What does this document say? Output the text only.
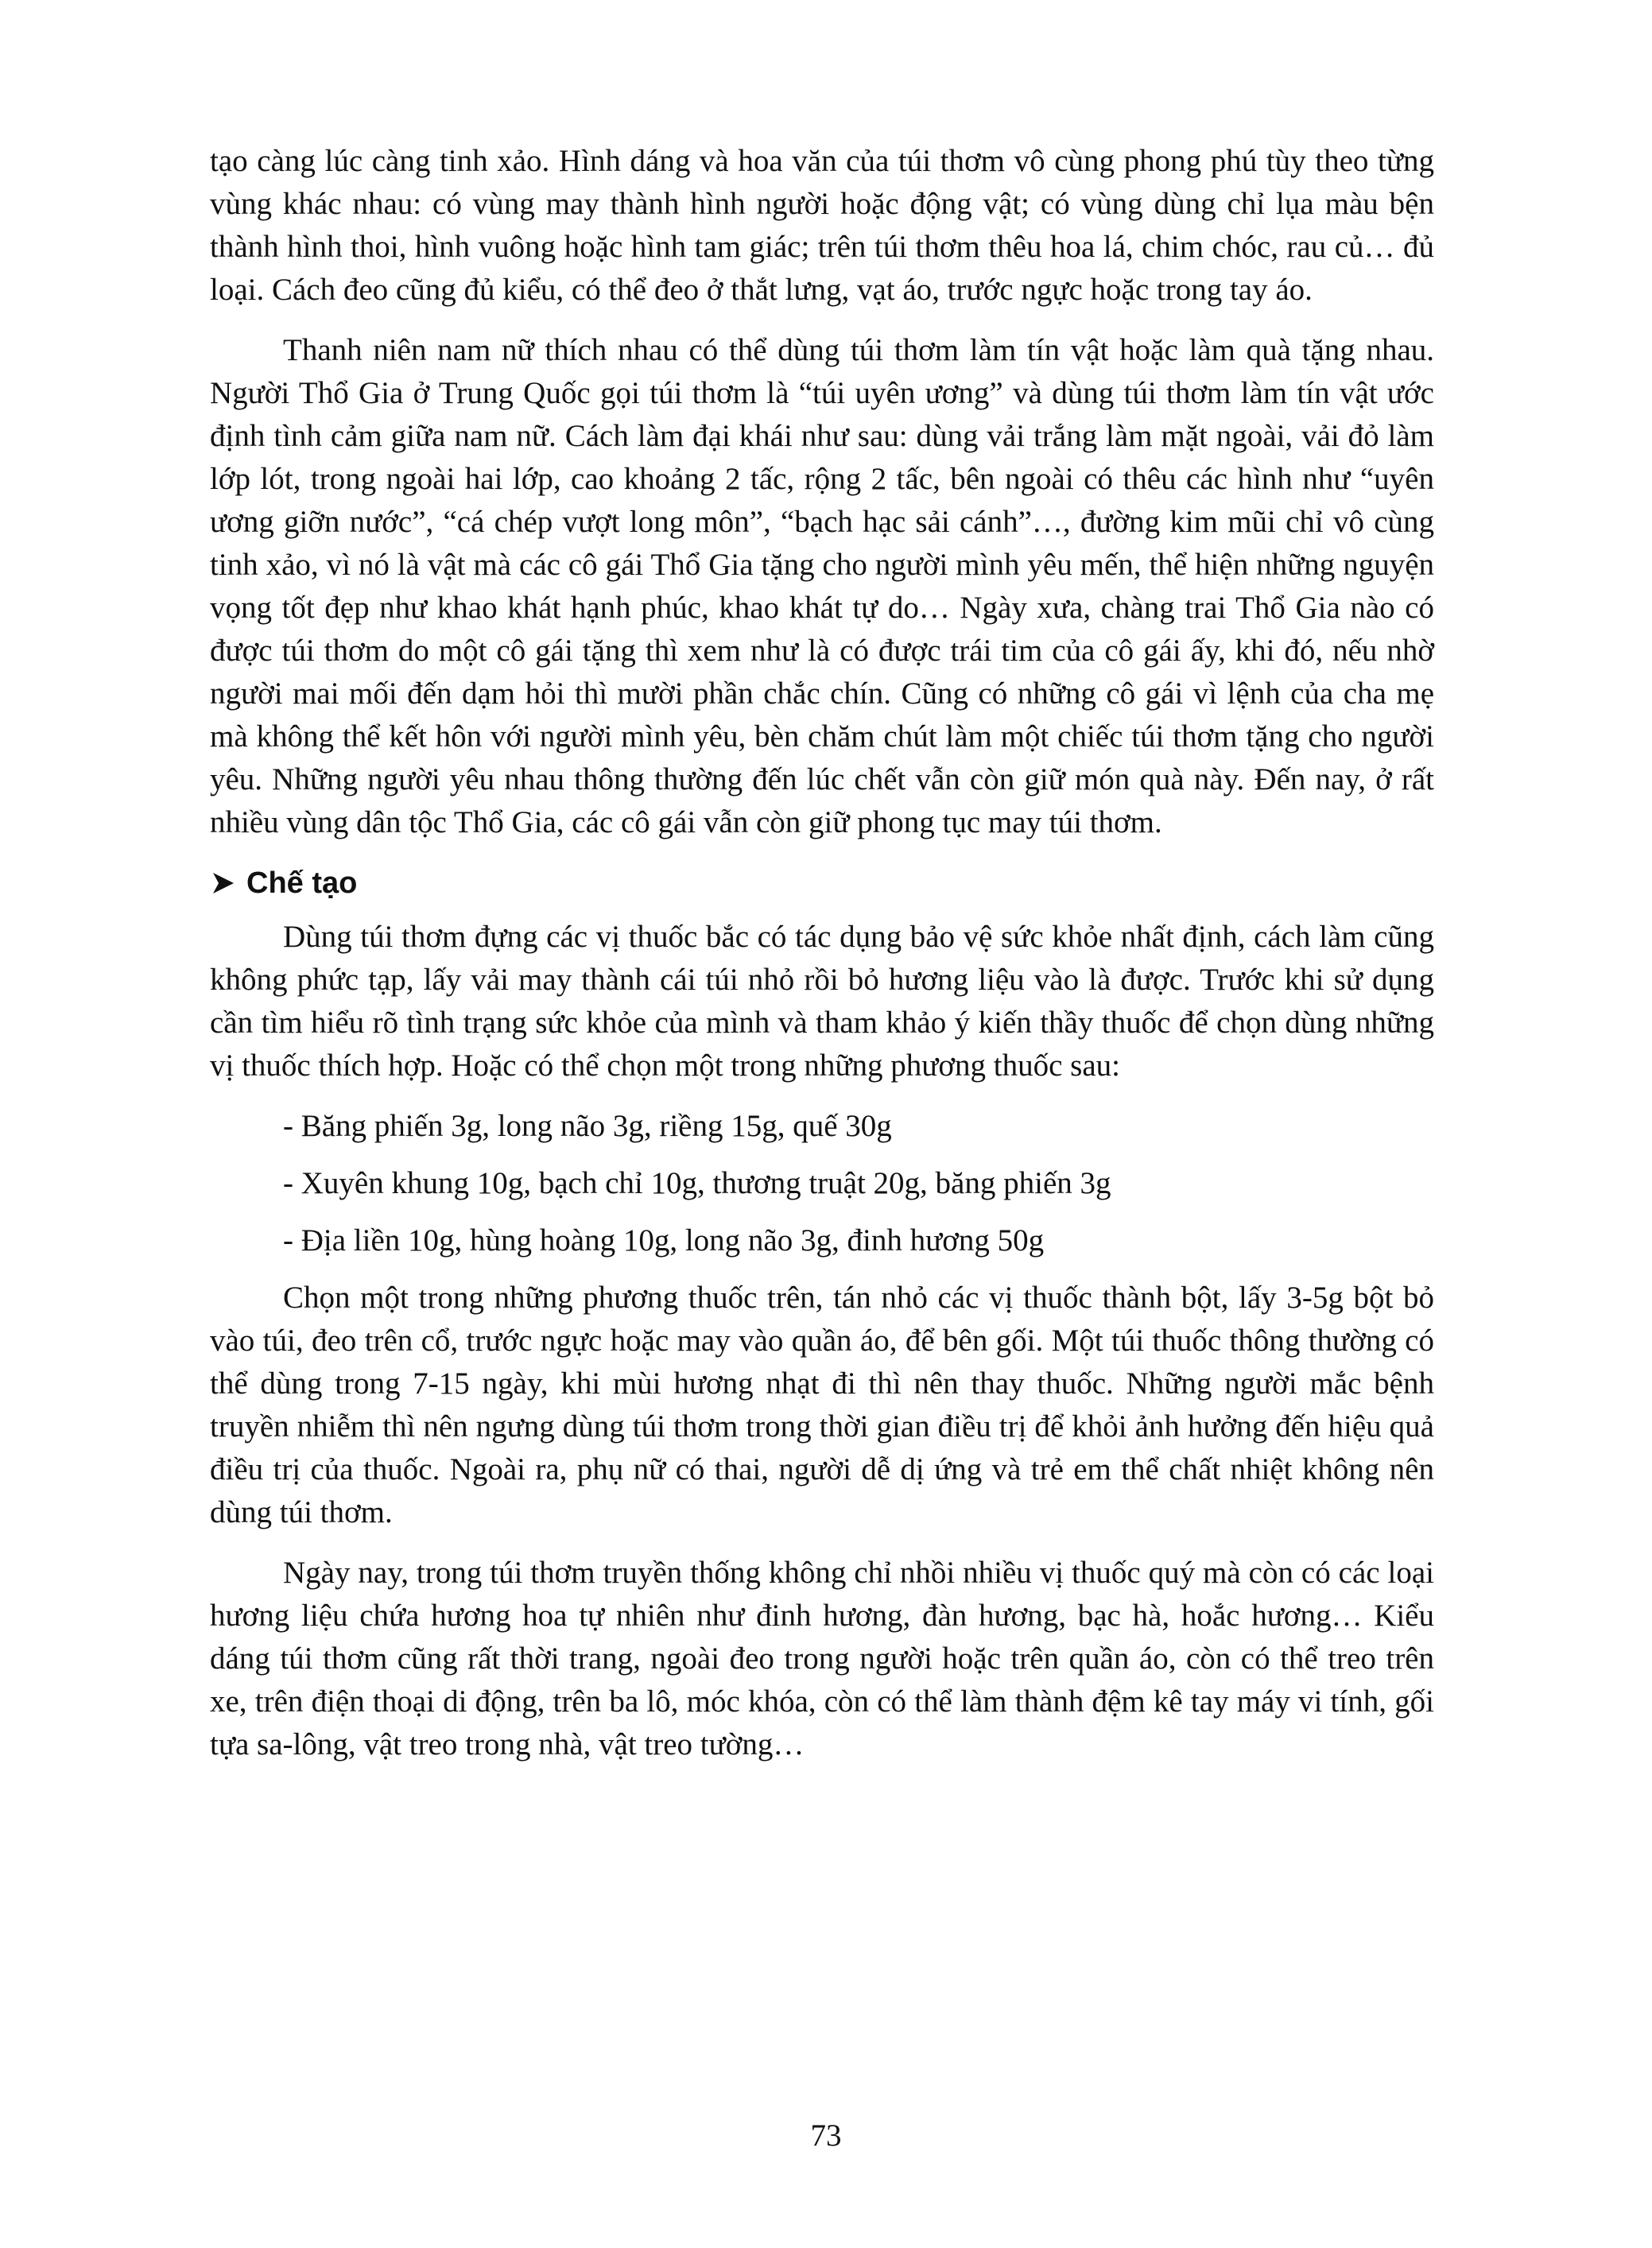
tạo càng lúc càng tinh xảo. Hình dáng và hoa văn của túi thơm vô cùng phong phú tùy theo từng vùng khác nhau: có vùng may thành hình người hoặc động vật; có vùng dùng chỉ lụa màu bện thành hình thoi, hình vuông hoặc hình tam giác; trên túi thơm thêu hoa lá, chim chóc, rau củ… đủ loại. Cách đeo cũng đủ kiểu, có thể đeo ở thắt lưng, vạt áo, trước ngực hoặc trong tay áo.

Thanh niên nam nữ thích nhau có thể dùng túi thơm làm tín vật hoặc làm quà tặng nhau. Người Thổ Gia ở Trung Quốc gọi túi thơm là “túi uyên ương” và dùng túi thơm làm tín vật ước định tình cảm giữa nam nữ. Cách làm đại khái như sau: dùng vải trắng làm mặt ngoài, vải đỏ làm lớp lót, trong ngoài hai lớp, cao khoảng 2 tấc, rộng 2 tấc, bên ngoài có thêu các hình như “uyên ương giỡn nước”, “cá chép vượt long môn”, “bạch hạc sải cánh”…, đường kim mũi chỉ vô cùng tinh xảo, vì nó là vật mà các cô gái Thổ Gia tặng cho người mình yêu mến, thể hiện những nguyện vọng tốt đẹp như khao khát hạnh phúc, khao khát tự do… Ngày xưa, chàng trai Thổ Gia nào có được túi thơm do một cô gái tặng thì xem như là có được trái tim của cô gái ấy, khi đó, nếu nhờ người mai mối đến dạm hỏi thì mười phần chắc chín. Cũng có những cô gái vì lệnh của cha mẹ mà không thể kết hôn với người mình yêu, bèn chăm chút làm một chiếc túi thơm tặng cho người yêu. Những người yêu nhau thông thường đến lúc chết vẫn còn giữ món quà này. Đến nay, ở rất nhiều vùng dân tộc Thổ Gia, các cô gái vẫn còn giữ phong tục may túi thơm.

Chế tạo

Dùng túi thơm đựng các vị thuốc bắc có tác dụng bảo vệ sức khỏe nhất định, cách làm cũng không phức tạp, lấy vải may thành cái túi nhỏ rồi bỏ hương liệu vào là được. Trước khi sử dụng cần tìm hiểu rõ tình trạng sức khỏe của mình và tham khảo ý kiến thầy thuốc để chọn dùng những vị thuốc thích hợp. Hoặc có thể chọn một trong những phương thuốc sau:

- Băng phiến 3g, long não 3g, riềng 15g, quế 30g
- Xuyên khung 10g, bạch chỉ 10g, thương truật 20g, băng phiến 3g
- Địa liền 10g, hùng hoàng 10g, long não 3g, đinh hương 50g

Chọn một trong những phương thuốc trên, tán nhỏ các vị thuốc thành bột, lấy 3-5g bột bỏ vào túi, đeo trên cổ, trước ngực hoặc may vào quần áo, để bên gối. Một túi thuốc thông thường có thể dùng trong 7-15 ngày, khi mùi hương nhạt đi thì nên thay thuốc. Những người mắc bệnh truyền nhiễm thì nên ngưng dùng túi thơm trong thời gian điều trị để khỏi ảnh hưởng đến hiệu quả điều trị của thuốc. Ngoài ra, phụ nữ có thai, người dễ dị ứng và trẻ em thể chất nhiệt không nên dùng túi thơm.

Ngày nay, trong túi thơm truyền thống không chỉ nhồi nhiều vị thuốc quý mà còn có các loại hương liệu chứa hương hoa tự nhiên như đinh hương, đàn hương, bạc hà, hoắc hương… Kiểu dáng túi thơm cũng rất thời trang, ngoài đeo trong người hoặc trên quần áo, còn có thể treo trên xe, trên điện thoại di động, trên ba lô, móc khóa, còn có thể làm thành đệm kê tay máy vi tính, gối tựa sa-lông, vật treo trong nhà, vật treo tường…

73
